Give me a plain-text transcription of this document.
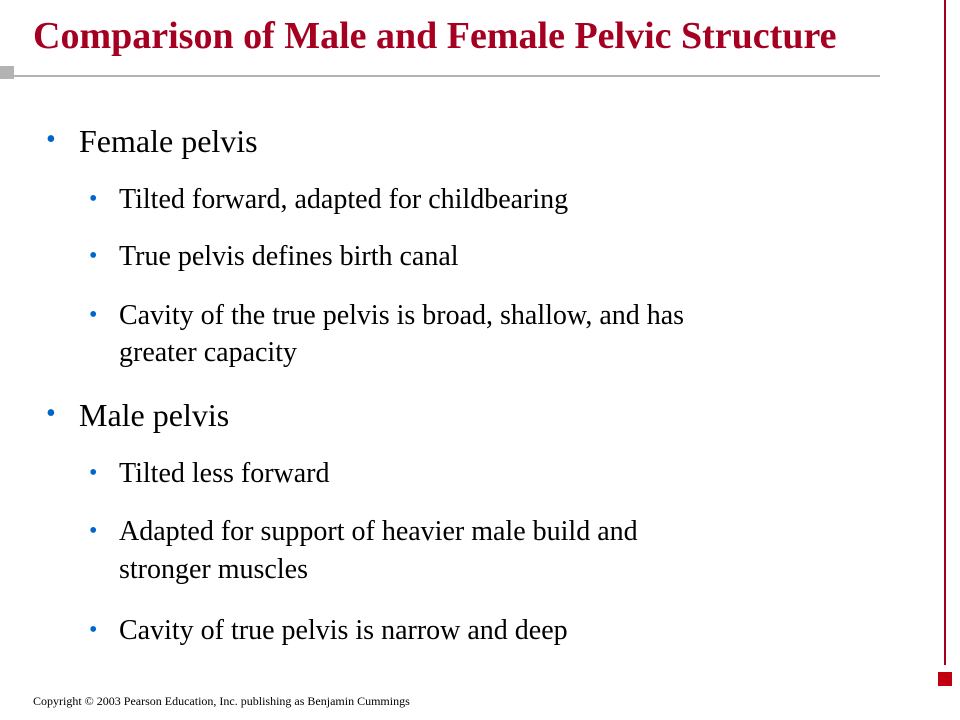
Comparison of Male and Female Pelvic Structure
• Female pelvis
• Tilted forward, adapted for childbearing
• True pelvis defines birth canal
• Cavity of the true pelvis is broad, shallow, and has
greater capacity
• Male pelvis
• Tilted less forward
• Adapted for support of heavier male build and
stronger muscles
• Cavity of true pelvis is narrow and deep
Copyright © 2003 Pearson Education, Inc. publishing as Benjamin Cummings
